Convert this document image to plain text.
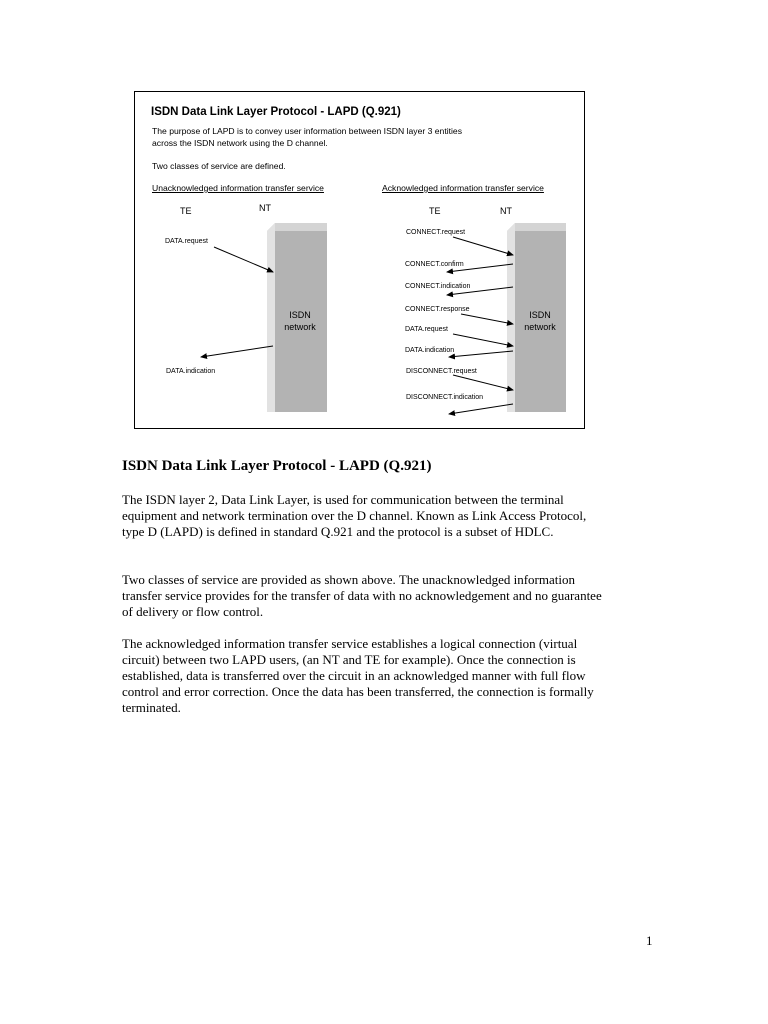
ISDN Data Link Layer Protocol - LAPD (Q.921)
The purpose of LAPD is to convey user information between ISDN layer 3 entities
across the ISDN network using the D channel.
Two classes of service are defined.
Unacknowledged information transfer service	Acknowledged information transfer service
TE	NT	TE	NT
ISDN
network
ISDN
network
DATA.request
DATA.indication
CONNECT.request
CONNECT.confirm
CONNECT.indication
CONNECT.response
DATA.request
DATA.indication
DISCONNECT.request
DISCONNECT.indication
ISDN Data Link Layer Protocol - LAPD (Q.921)

The ISDN layer 2, Data Link Layer, is used for communication between the terminal equipment and network termination over the D channel. Known as Link Access Protocol, type D (LAPD) is defined in standard Q.921 and the protocol is a subset of HDLC.

Two classes of service are provided as shown above. The unacknowledged information transfer service provides for the transfer of data with no acknowledgement and no guarantee of delivery or flow control.

The acknowledged information transfer service establishes a logical connection (virtual circuit) between two LAPD users, (an NT and TE for example). Once the connection is established, data is transferred over the circuit in an acknowledged manner with full flow control and error correction. Once the data has been transferred, the connection is formally terminated.

1
